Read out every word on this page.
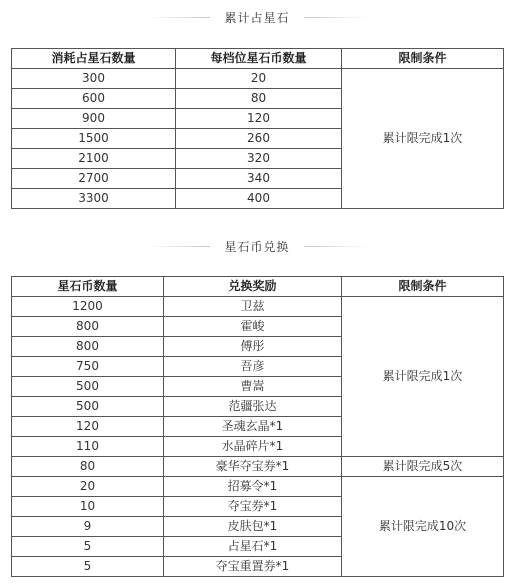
累计占星石
消耗占星石数量	每档位星石币数量	限制条件
300	20	累计限完成1次
600	80	
900	120	
1500	260	
2100	320	
2700	340	
3300	400	
星石币兑换
星石币数量	兑换奖励	限制条件
1200	卫兹	累计限完成1次
800	霍峻	
800	傅彤	
750	吾彦	
500	曹嵩	
500	范疆张达	
120	圣魂玄晶*1	
110	水晶碎片*1	
80	豪华夺宝券*1	累计限完成5次
20	招募令*1	累计限完成10次
10	夺宝券*1	
9	皮肤包*1	
5	占星石*1	
5	夺宝重置券*1	
